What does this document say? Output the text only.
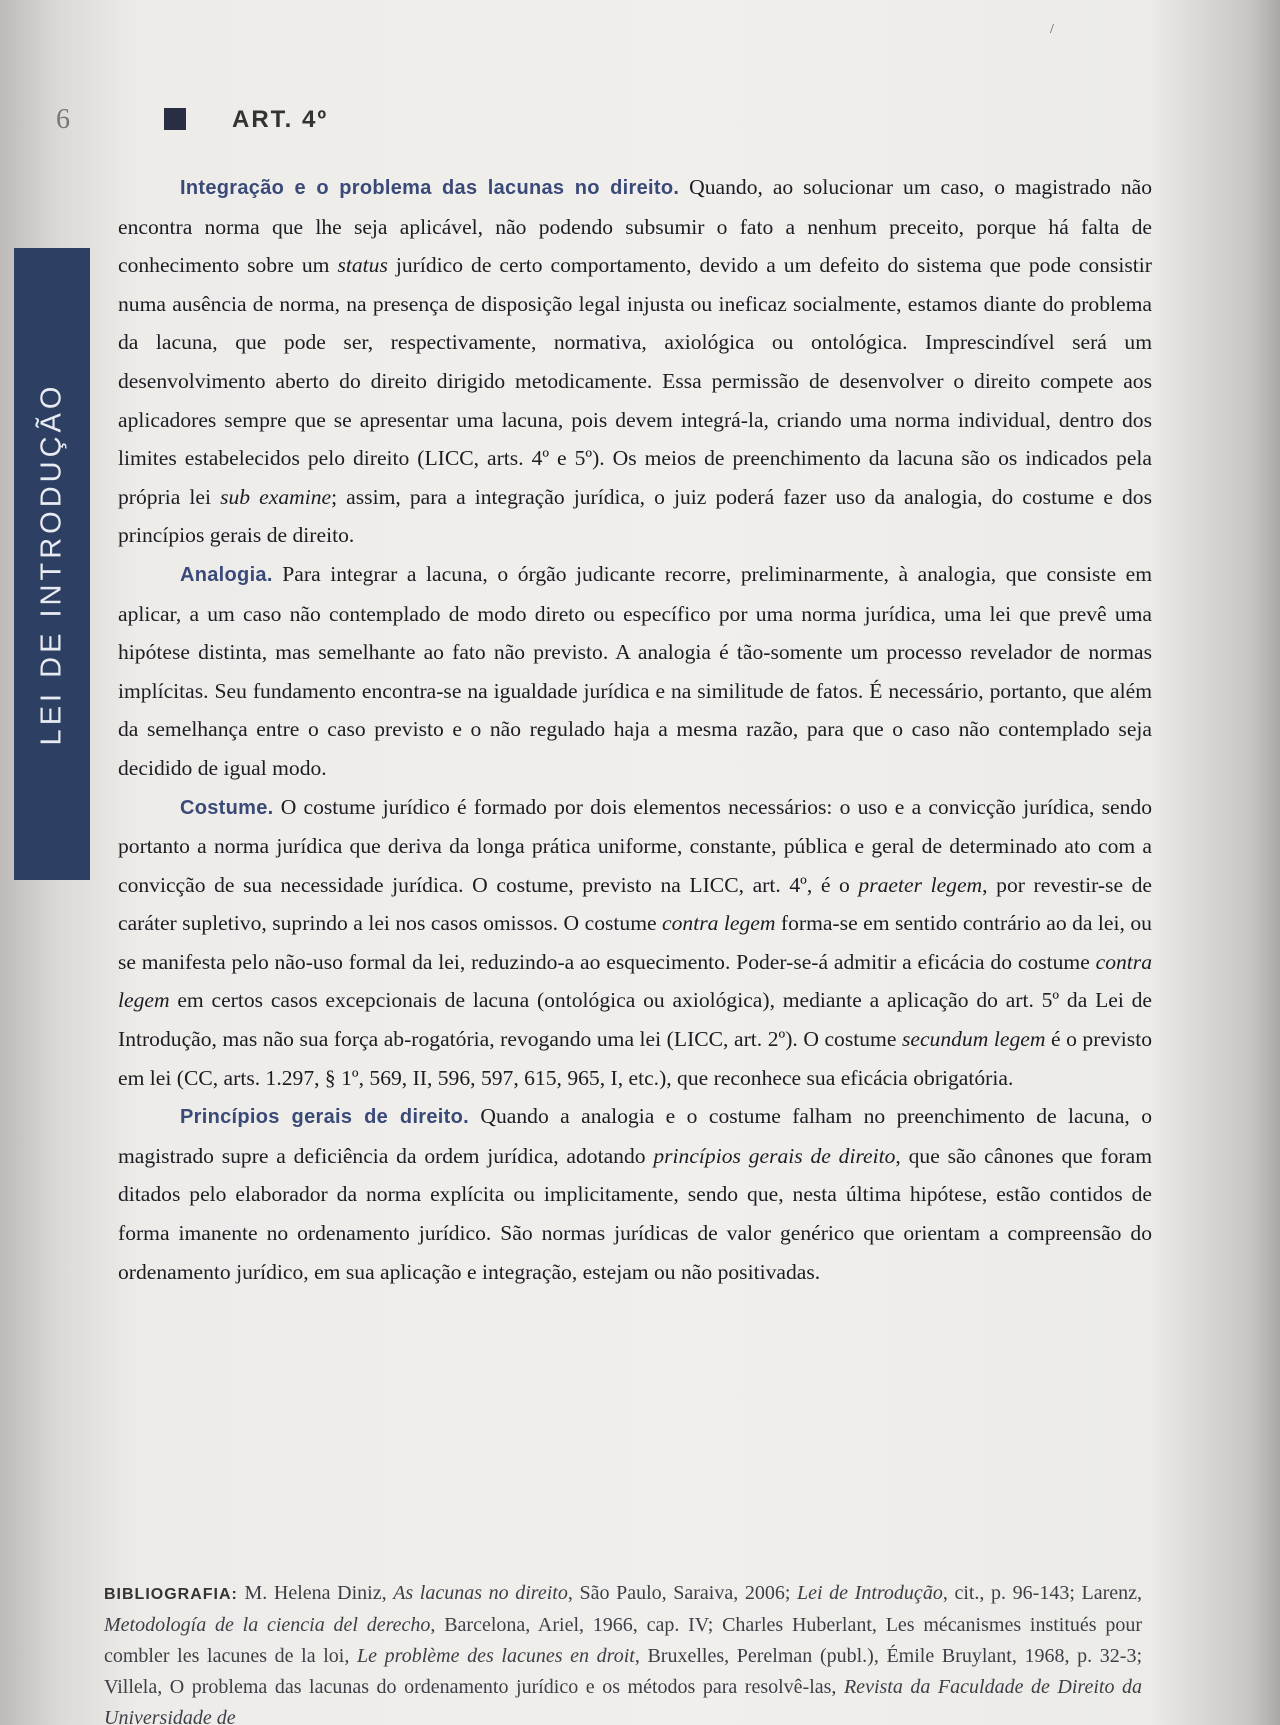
6	ART. 4º
LEI DE INTRODUÇÃO

Integração e o problema das lacunas no direito. Quando, ao solucionar um caso, o magistrado não encontra norma que lhe seja aplicável, não podendo subsumir o fato a nenhum preceito, porque há falta de conhecimento sobre um status jurídico de certo comportamento, devido a um defeito do sistema que pode consistir numa ausência de norma, na presença de disposição legal injusta ou ineficaz socialmente, estamos diante do problema da lacuna, que pode ser, respectivamente, normativa, axiológica ou ontológica. Imprescindível será um desenvolvimento aberto do direito dirigido metodicamente. Essa permissão de desenvolver o direito compete aos aplicadores sempre que se apresentar uma lacuna, pois devem integrá-la, criando uma norma individual, dentro dos limites estabelecidos pelo direito (LICC, arts. 4º e 5º). Os meios de preenchimento da lacuna são os indicados pela própria lei sub examine; assim, para a integração jurídica, o juiz poderá fazer uso da analogia, do costume e dos princípios gerais de direito.

Analogia. Para integrar a lacuna, o órgão judicante recorre, preliminarmente, à analogia, que consiste em aplicar, a um caso não contemplado de modo direto ou específico por uma norma jurídica, uma lei que prevê uma hipótese distinta, mas semelhante ao fato não previsto. A analogia é tão-somente um processo revelador de normas implícitas. Seu fundamento encontra-se na igualdade jurídica e na similitude de fatos. É necessário, portanto, que além da semelhança entre o caso previsto e o não regulado haja a mesma razão, para que o caso não contemplado seja decidido de igual modo.

Costume. O costume jurídico é formado por dois elementos necessários: o uso e a convicção jurídica, sendo portanto a norma jurídica que deriva da longa prática uniforme, constante, pública e geral de determinado ato com a convicção de sua necessidade jurídica. O costume, previsto na LICC, art. 4º, é o praeter legem, por revestir-se de caráter supletivo, suprindo a lei nos casos omissos. O costume contra legem forma-se em sentido contrário ao da lei, ou se manifesta pelo não-uso formal da lei, reduzindo-a ao esquecimento. Poder-se-á admitir a eficácia do costume contra legem em certos casos excepcionais de lacuna (ontológica ou axiológica), mediante a aplicação do art. 5º da Lei de Introdução, mas não sua força ab-rogatória, revogando uma lei (LICC, art. 2º). O costume secundum legem é o previsto em lei (CC, arts. 1.297, § 1º, 569, II, 596, 597, 615, 965, I, etc.), que reconhece sua eficácia obrigatória.

Princípios gerais de direito. Quando a analogia e o costume falham no preenchimento de lacuna, o magistrado supre a deficiência da ordem jurídica, adotando princípios gerais de direito, que são cânones que foram ditados pelo elaborador da norma explícita ou implicitamente, sendo que, nesta última hipótese, estão contidos de forma imanente no ordenamento jurídico. São normas jurídicas de valor genérico que orientam a compreensão do ordenamento jurídico, em sua aplicação e integração, estejam ou não positivadas.

BIBLIOGRAFIA: M. Helena Diniz, As lacunas no direito, São Paulo, Saraiva, 2006; Lei de Introdução, cit., p. 96-143; Larenz, Metodología de la ciencia del derecho, Barcelona, Ariel, 1966, cap. IV; Charles Huberlant, Les mécanismes institués pour combler les lacunes de la loi, Le problème des lacunes en droit, Bruxelles, Perelman (publ.), Émile Bruylant, 1968, p. 32-3; Villela, O problema das lacunas do ordenamento jurídico e os métodos para resolvê-las, Revista da Faculdade de Direito da Universidade de
/
